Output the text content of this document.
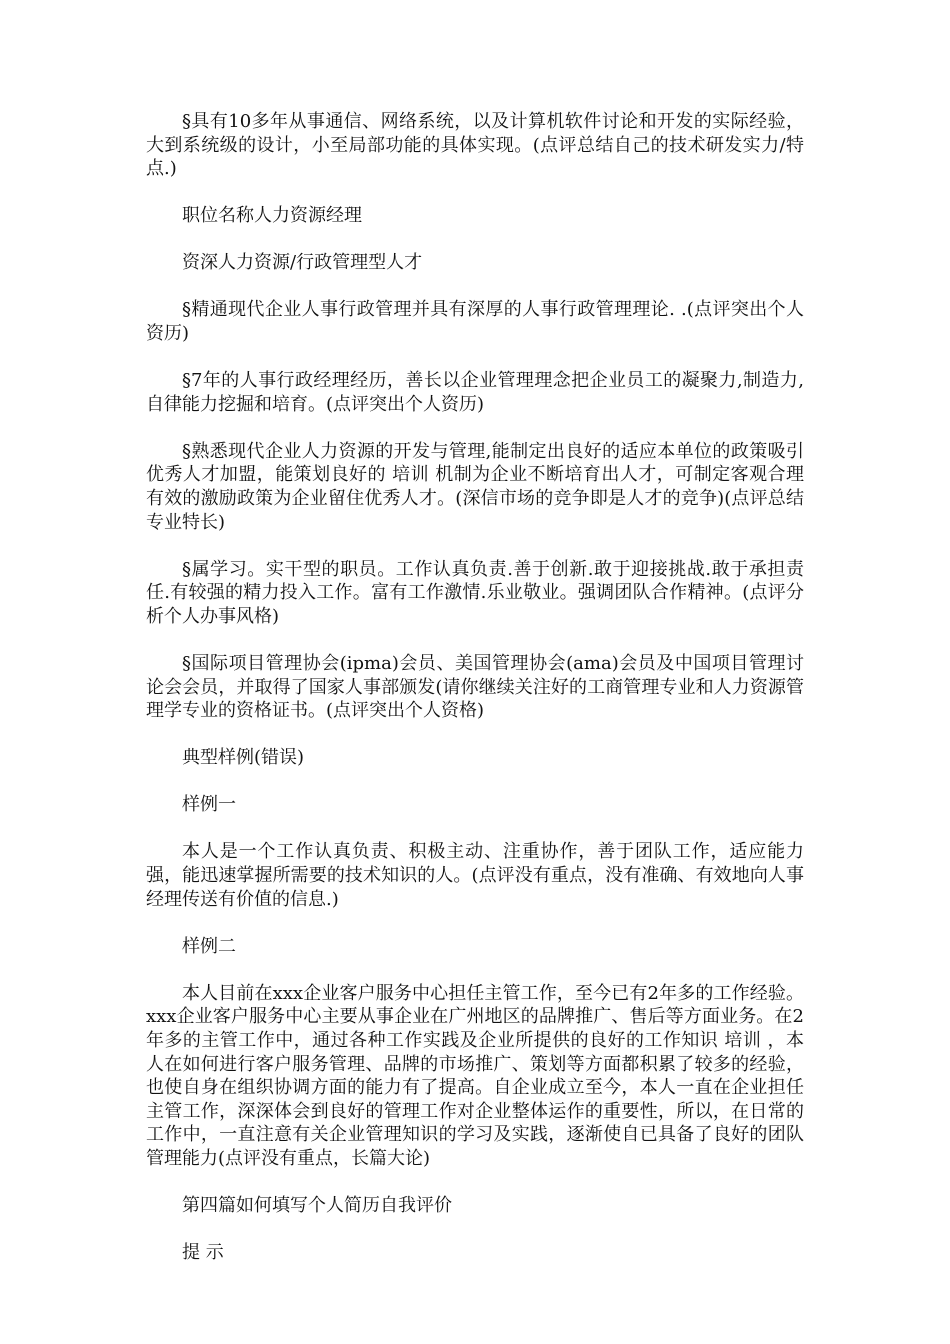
§具有10多年从事通信、网络系统，以及计算机软件讨论和开发的实际经验，大到系统级的设计，小至局部功能的具体实现。(点评总结自己的技术研发实力/特点.)

职位名称人力资源经理

资深人力资源/行政管理型人才

§精通现代企业人事行政管理并具有深厚的人事行政管理理论. .(点评突出个人资历)

§7年的人事行政经理经历，善长以企业管理理念把企业员工的凝聚力,制造力,自律能力挖掘和培育。(点评突出个人资历)

§熟悉现代企业人力资源的开发与管理,能制定出良好的适应本单位的政策吸引优秀人才加盟，能策划良好的 培训 机制为企业不断培育出人才，可制定客观合理有效的激励政策为企业留住优秀人才。(深信市场的竞争即是人才的竞争)(点评总结专业特长)

§属学习。实干型的职员。工作认真负责.善于创新.敢于迎接挑战.敢于承担责任.有较强的精力投入工作。富有工作激情.乐业敬业。强调团队合作精神。(点评分析个人办事风格)

§国际项目管理协会(ipma)会员、美国管理协会(ama)会员及中国项目管理讨论会会员，并取得了国家人事部颁发(请你继续关注好的工商管理专业和人力资源管理学专业的资格证书。(点评突出个人资格)

典型样例(错误)

样例一

本人是一个工作认真负责、积极主动、注重协作，善于团队工作，适应能力强，能迅速掌握所需要的技术知识的人。(点评没有重点，没有准确、有效地向人事经理传送有价值的信息.)

样例二

本人目前在xxx企业客户服务中心担任主管工作，至今已有2年多的工作经验。xxx企业客户服务中心主要从事企业在广州地区的品牌推广、售后等方面业务。在2年多的主管工作中，通过各种工作实践及企业所提供的良好的工作知识 培训 ，本人在如何进行客户服务管理、品牌的市场推广、策划等方面都积累了较多的经验，也使自身在组织协调方面的能力有了提高。自企业成立至今，本人一直在企业担任主管工作，深深体会到良好的管理工作对企业整体运作的重要性，所以，在日常的工作中，一直注意有关企业管理知识的学习及实践，逐渐使自已具备了良好的团队管理能力(点评没有重点，长篇大论)

第四篇如何填写个人简历自我评价

提 示
